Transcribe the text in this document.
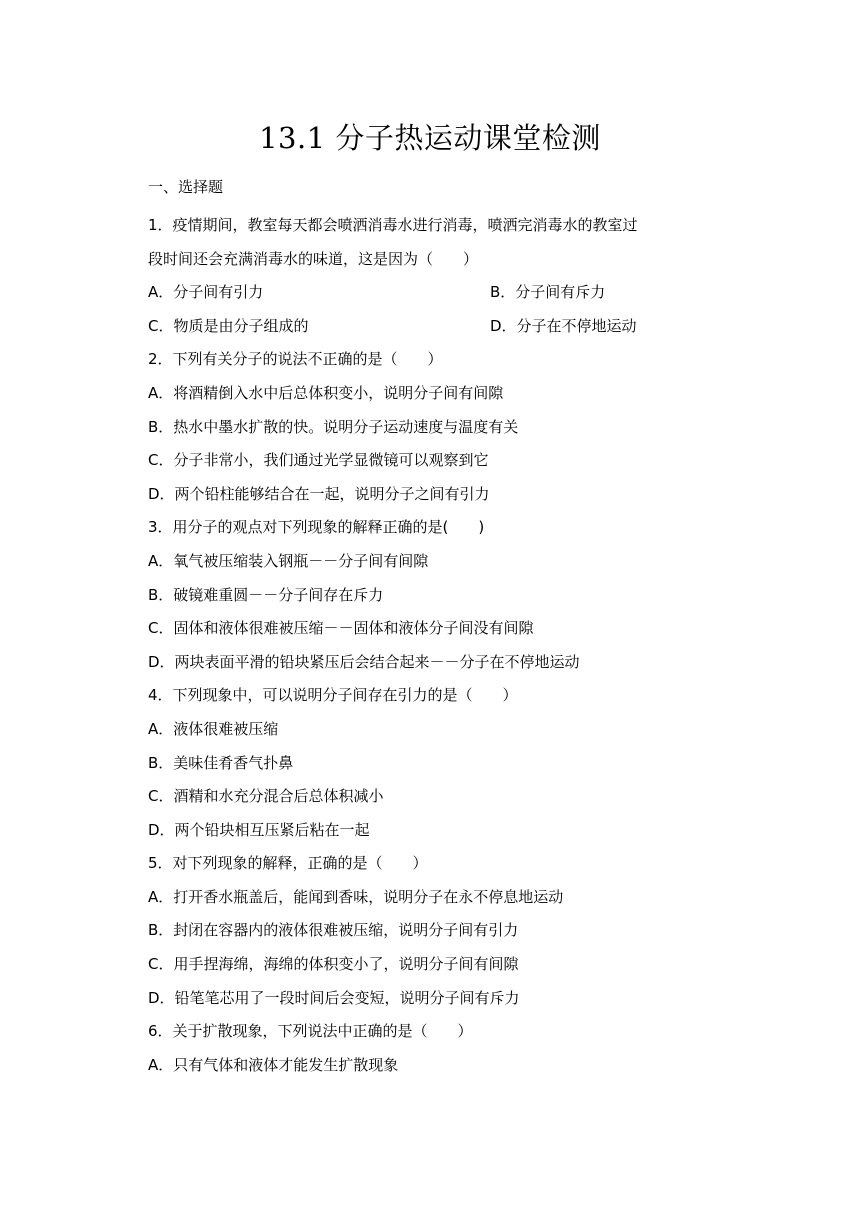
13.1 分子热运动课堂检测
一、选择题
1．疫情期间，教室每天都会喷洒消毒水进行消毒，喷洒完消毒水的教室过
段时间还会充满消毒水的味道，这是因为（　　）
A．分子间有引力	B．分子间有斥力
C．物质是由分子组成的	D．分子在不停地运动
2．下列有关分子的说法不正确的是（　　）
A．将酒精倒入水中后总体积变小，说明分子间有间隙
B．热水中墨水扩散的快。说明分子运动速度与温度有关
C．分子非常小，我们通过光学显微镜可以观察到它
D．两个铅柱能够结合在一起，说明分子之间有引力
3．用分子的观点对下列现象的解释正确的是(　　)
A．氧气被压缩装入钢瓶－－分子间有间隙
B．破镜难重圆－－分子间存在斥力
C．固体和液体很难被压缩－－固体和液体分子间没有间隙
D．两块表面平滑的铅块紧压后会结合起来－－分子在不停地运动
4．下列现象中，可以说明分子间存在引力的是（　　）
A．液体很难被压缩
B．美味佳肴香气扑鼻
C．酒精和水充分混合后总体积减小
D．两个铅块相互压紧后粘在一起
5．对下列现象的解释，正确的是（　　）
A．打开香水瓶盖后，能闻到香味，说明分子在永不停息地运动
B．封闭在容器内的液体很难被压缩，说明分子间有引力
C．用手捏海绵，海绵的体积变小了，说明分子间有间隙
D．铅笔笔芯用了一段时间后会变短，说明分子间有斥力
6．关于扩散现象，下列说法中正确的是（　　）
A．只有气体和液体才能发生扩散现象
